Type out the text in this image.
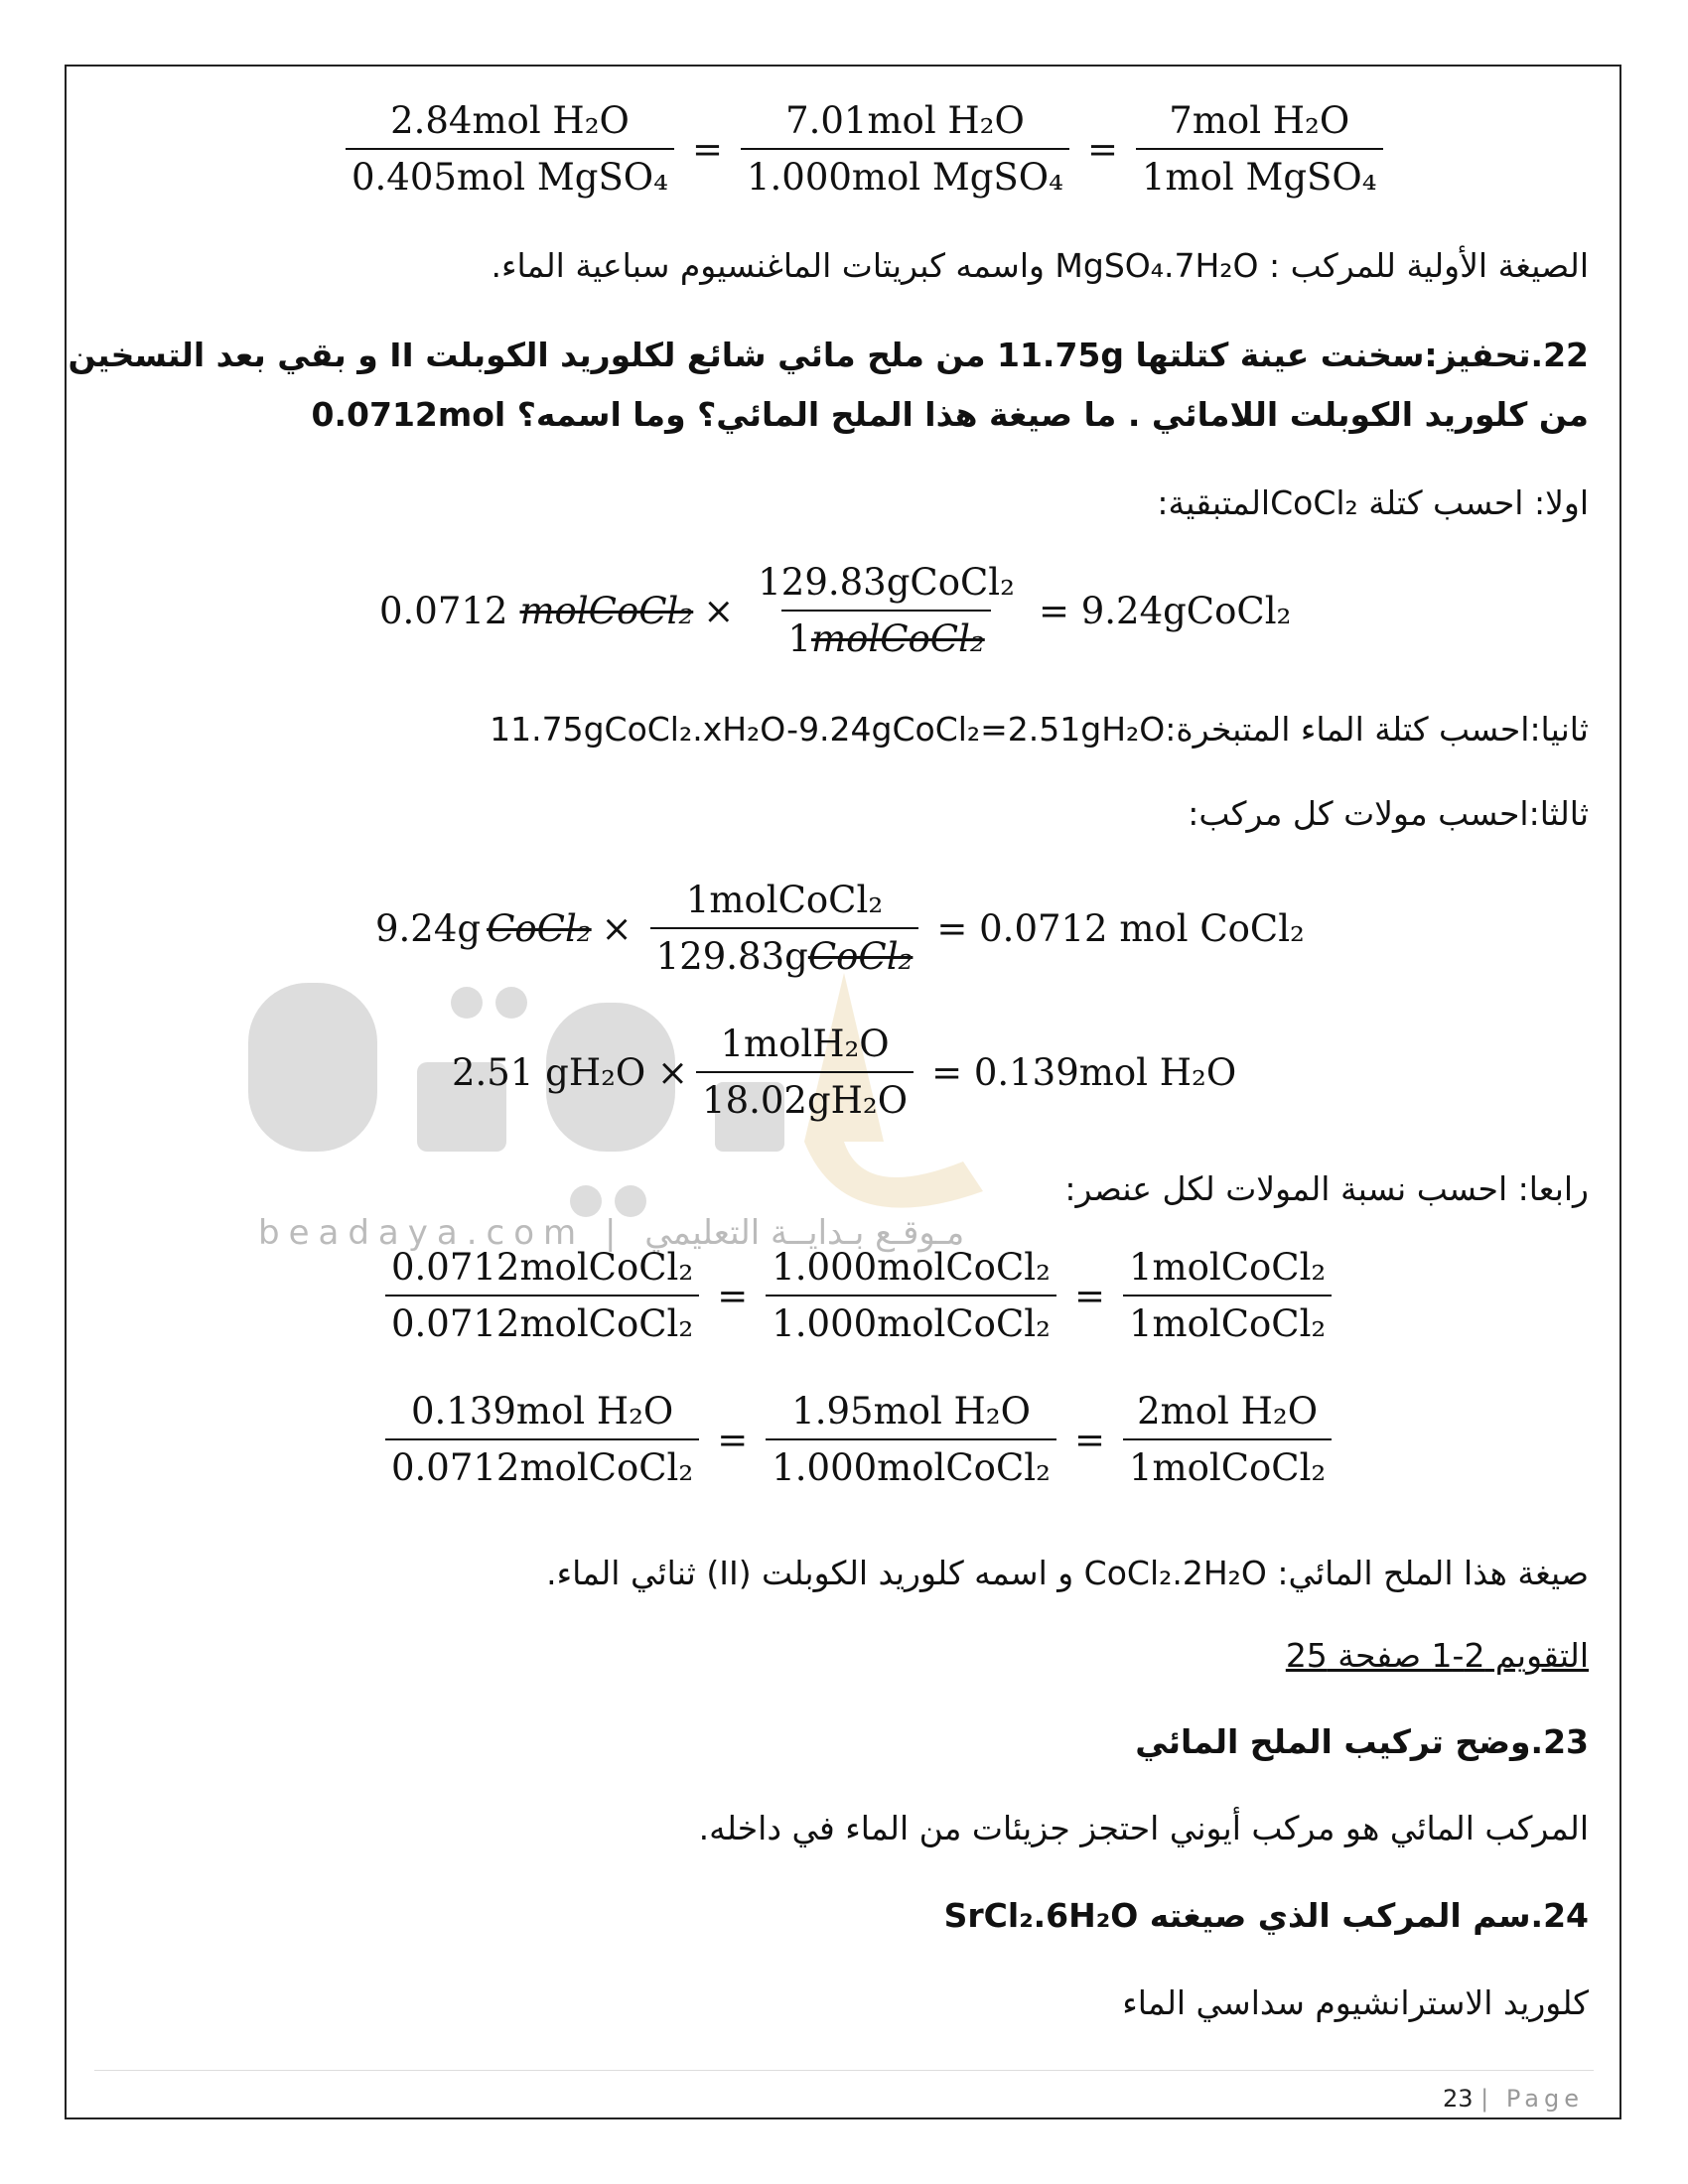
beadaya.com | مـوقـع بـدايــة التعليمي
$\frac{\text{2.84mol H₂O}}{\text{0.405mol MgSO₄}} = \frac{\text{7.01mol H₂O}}{\text{1.000mol MgSO₄}} = \frac{\text{7mol H₂O}}{\text{1mol MgSO₄}}$
الصيغة الأولية للمركب : MgSO₄.7H₂O واسمه كبريتات الماغنسيوم سباعية الماء.
22.تحفيز:سخنت عينة كتلتها 11.75g من ملح مائي شائع لكلوريد الكوبلت II و بقي بعد التسخين
0.0712mol من كلوريد الكوبلت اللامائي . ما صيغة هذا الملح المائي؟ وما اسمه؟
اولا: احسب كتلة CoCl₂المتبقية:
0.0712 molCoCl₂ × $\frac{\text{129.83gCoCl₂}}{\text{1molCoCl₂}}$ = 9.24gCoCl₂
ثانيا:احسب كتلة الماء المتبخرة:11.75gCoCl₂.xH₂O-9.24gCoCl₂=2.51gH₂O
ثالثا:احسب مولات كل مركب:
9.24g CoCl₂ × $\frac{\text{1molCoCl₂}}{\text{129.83gCoCl₂}} = 0.0712$ mol CoCl₂
2.51 $gH_2O \times \frac{\text{1molH₂O}}{\text{18.02gH₂O}} = 0.139mol$ H₂O
رابعا: احسب نسبة المولات لكل عنصر:
$\frac{\text{0.0712molCoCl₂}}{\text{0.0712molCoCl₂}} = \frac{\text{1.000molCoCl₂}}{\text{1.000molCoCl₂}} = \frac{\text{1molCoCl₂}}{\text{1molCoCl₂}}$
$\frac{\text{0.139mol H₂O}}{\text{0.0712molCoCl₂}} = \frac{\text{1.95mol H₂O}}{\text{1.000molCoCl₂}} = \frac{\text{2mol H₂O}}{\text{1molCoCl₂}}$
صيغة هذا الملح المائي: CoCl₂.2H₂O و اسمه كلوريد الكوبلت (II) ثنائي الماء.
التقويم 2-1 صفحة 25
23.وضح تركيب الملح المائي
المركب المائي هو مركب أيوني احتجز جزيئات من الماء في داخله.
24.سم المركب الذي صيغته SrCl₂.6H₂O
كلوريد الاسترانشيوم سداسي الماء
23 | Page
